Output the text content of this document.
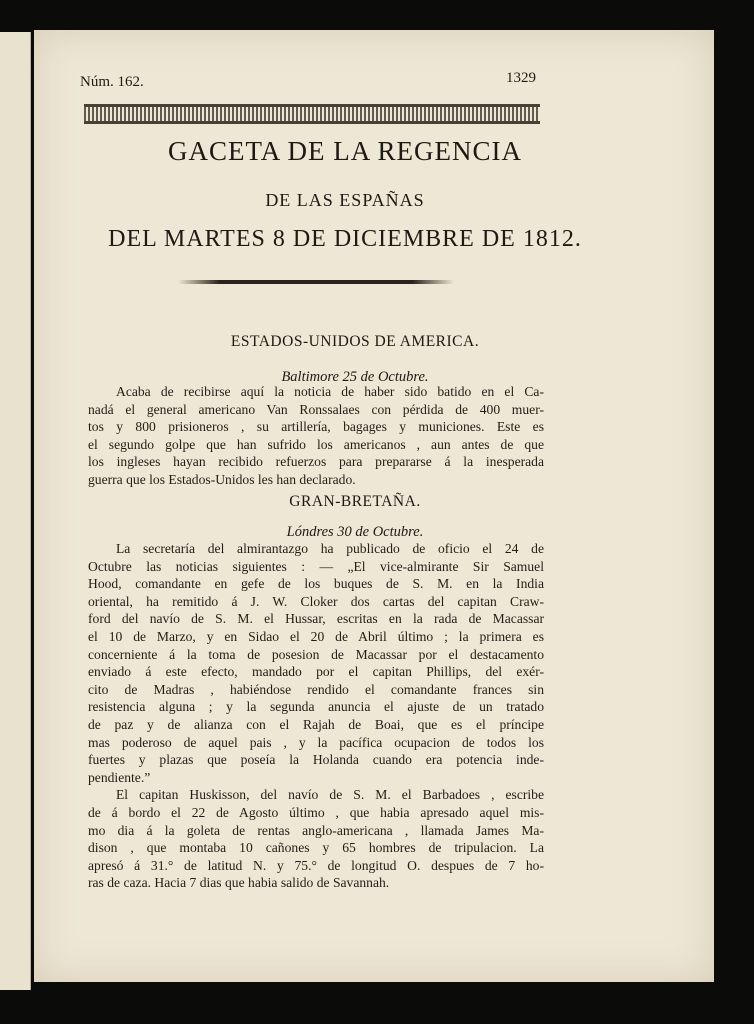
Núm. 162.	1329
GACETA DE LA REGENCIA
DE LAS ESPAÑAS
DEL MARTES 8 DE DICIEMBRE DE 1812.
ESTADOS-UNIDOS DE AMERICA.
Baltimore 25 de Octubre.
Acaba de recibirse aquí la noticia de haber sido batido en el Ca-
nadá el general americano Van Ronssalaes con pérdida de 400 muer-
tos y 800 prisioneros , su artillería, bagages y municiones. Este es
el segundo golpe que han sufrido los americanos , aun antes de que
los ingleses hayan recibido refuerzos para prepararse á la inesperada
guerra que los Estados-Unidos les han declarado.
GRAN-BRETAÑA.
Lóndres 30 de Octubre.
La secretaría del almirantazgo ha publicado de oficio el 24 de
Octubre las noticias siguientes : — „El vice-almirante Sir Samuel
Hood, comandante en gefe de los buques de S. M. en la India
oriental, ha remitido á J. W. Cloker dos cartas del capitan Craw-
ford del navío de S. M. el Hussar, escritas en la rada de Macassar
el 10 de Marzo, y en Sidao el 20 de Abril último ; la primera es
concerniente á la toma de posesion de Macassar por el destacamento
enviado á este efecto, mandado por el capitan Phillips, del exér-
cito de Madras , habiéndose rendido el comandante frances sin
resistencia alguna ; y la segunda anuncia el ajuste de un tratado
de paz y de alianza con el Rajah de Boai, que es el príncipe
mas poderoso de aquel pais , y la pacífica ocupacion de todos los
fuertes y plazas que poseía la Holanda cuando era potencia inde-
pendiente.”
El capitan Huskisson, del navío de S. M. el Barbadoes , escribe
de á bordo el 22 de Agosto último , que habia apresado aquel mis-
mo dia á la goleta de rentas anglo-americana , llamada James Ma-
dison , que montaba 10 cañones y 65 hombres de tripulacion. La
apresó á 31.° de latitud N. y 75.° de longitud O. despues de 7 ho-
ras de caza. Hacia 7 dias que habia salido de Savannah.
